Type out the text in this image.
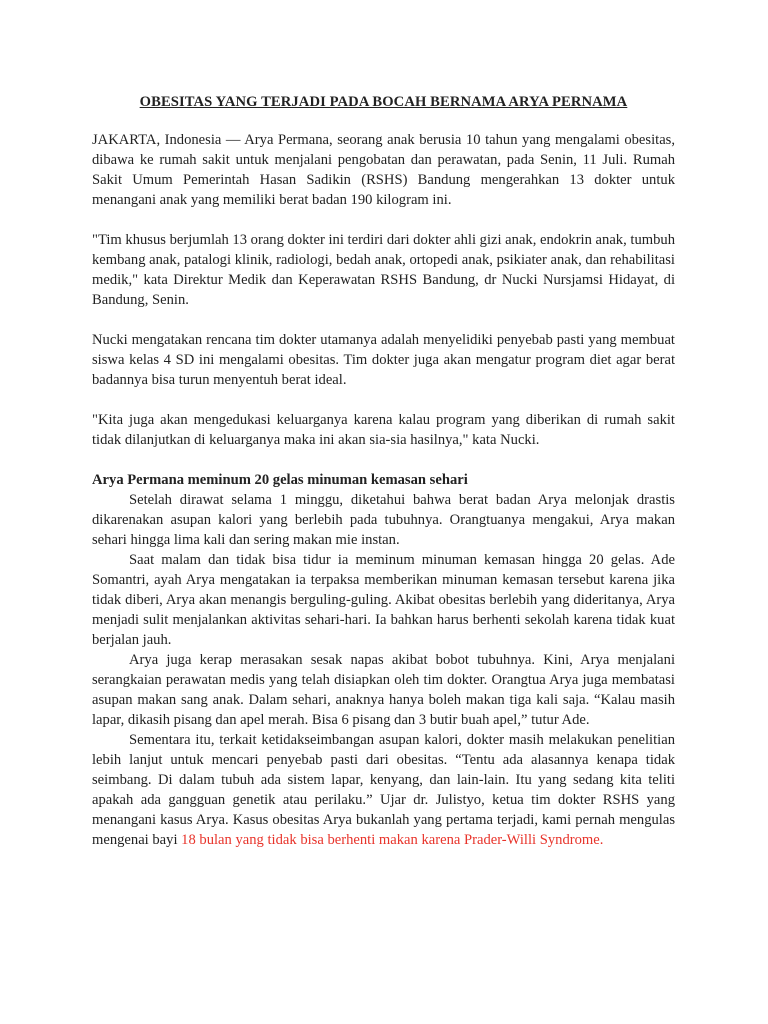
OBESITAS YANG TERJADI PADA BOCAH BERNAMA ARYA PERNAMA

JAKARTA, Indonesia — Arya Permana, seorang anak berusia 10 tahun yang mengalami obesitas, dibawa ke rumah sakit untuk menjalani pengobatan dan perawatan, pada Senin, 11 Juli. Rumah Sakit Umum Pemerintah Hasan Sadikin (RSHS) Bandung mengerahkan 13 dokter untuk menangani anak yang memiliki berat badan 190 kilogram ini.

"Tim khusus berjumlah 13 orang dokter ini terdiri dari dokter ahli gizi anak, endokrin anak, tumbuh kembang anak, patalogi klinik, radiologi, bedah anak, ortopedi anak, psikiater anak, dan rehabilitasi medik," kata Direktur Medik dan Keperawatan RSHS Bandung, dr Nucki Nursjamsi Hidayat, di Bandung, Senin.

Nucki mengatakan rencana tim dokter utamanya adalah menyelidiki penyebab pasti yang membuat siswa kelas 4 SD ini mengalami obesitas. Tim dokter juga akan mengatur program diet agar berat badannya bisa turun menyentuh berat ideal.

"Kita juga akan mengedukasi keluarganya karena kalau program yang diberikan di rumah sakit tidak dilanjutkan di keluarganya maka ini akan sia-sia hasilnya," kata Nucki.

Arya Permana meminum 20 gelas minuman kemasan sehari

Setelah dirawat selama 1 minggu, diketahui bahwa berat badan Arya melonjak drastis dikarenakan asupan kalori yang berlebih pada tubuhnya. Orangtuanya mengakui, Arya makan sehari hingga lima kali dan sering makan mie instan.

Saat malam dan tidak bisa tidur ia meminum minuman kemasan hingga 20 gelas. Ade Somantri, ayah Arya mengatakan ia terpaksa memberikan minuman kemasan tersebut karena jika tidak diberi, Arya akan menangis berguling-guling. Akibat obesitas berlebih yang dideritanya, Arya menjadi sulit menjalankan aktivitas sehari-hari. Ia bahkan harus berhenti sekolah karena tidak kuat berjalan jauh.

Arya juga kerap merasakan sesak napas akibat bobot tubuhnya. Kini, Arya menjalani serangkaian perawatan medis yang telah disiapkan oleh tim dokter. Orangtua Arya juga membatasi asupan makan sang anak. Dalam sehari, anaknya hanya boleh makan tiga kali saja. “Kalau masih lapar, dikasih pisang dan apel merah. Bisa 6 pisang dan 3 butir buah apel,” tutur Ade.

Sementara itu, terkait ketidakseimbangan asupan kalori, dokter masih melakukan penelitian lebih lanjut untuk mencari penyebab pasti dari obesitas. “Tentu ada alasannya kenapa tidak seimbang. Di dalam tubuh ada sistem lapar, kenyang, dan lain-lain. Itu yang sedang kita teliti apakah ada gangguan genetik atau perilaku.” Ujar dr. Julistyo, ketua tim dokter RSHS yang menangani kasus Arya. Kasus obesitas Arya bukanlah yang pertama terjadi, kami pernah mengulas mengenai bayi 18 bulan yang tidak bisa berhenti makan karena Prader-Willi Syndrome.
